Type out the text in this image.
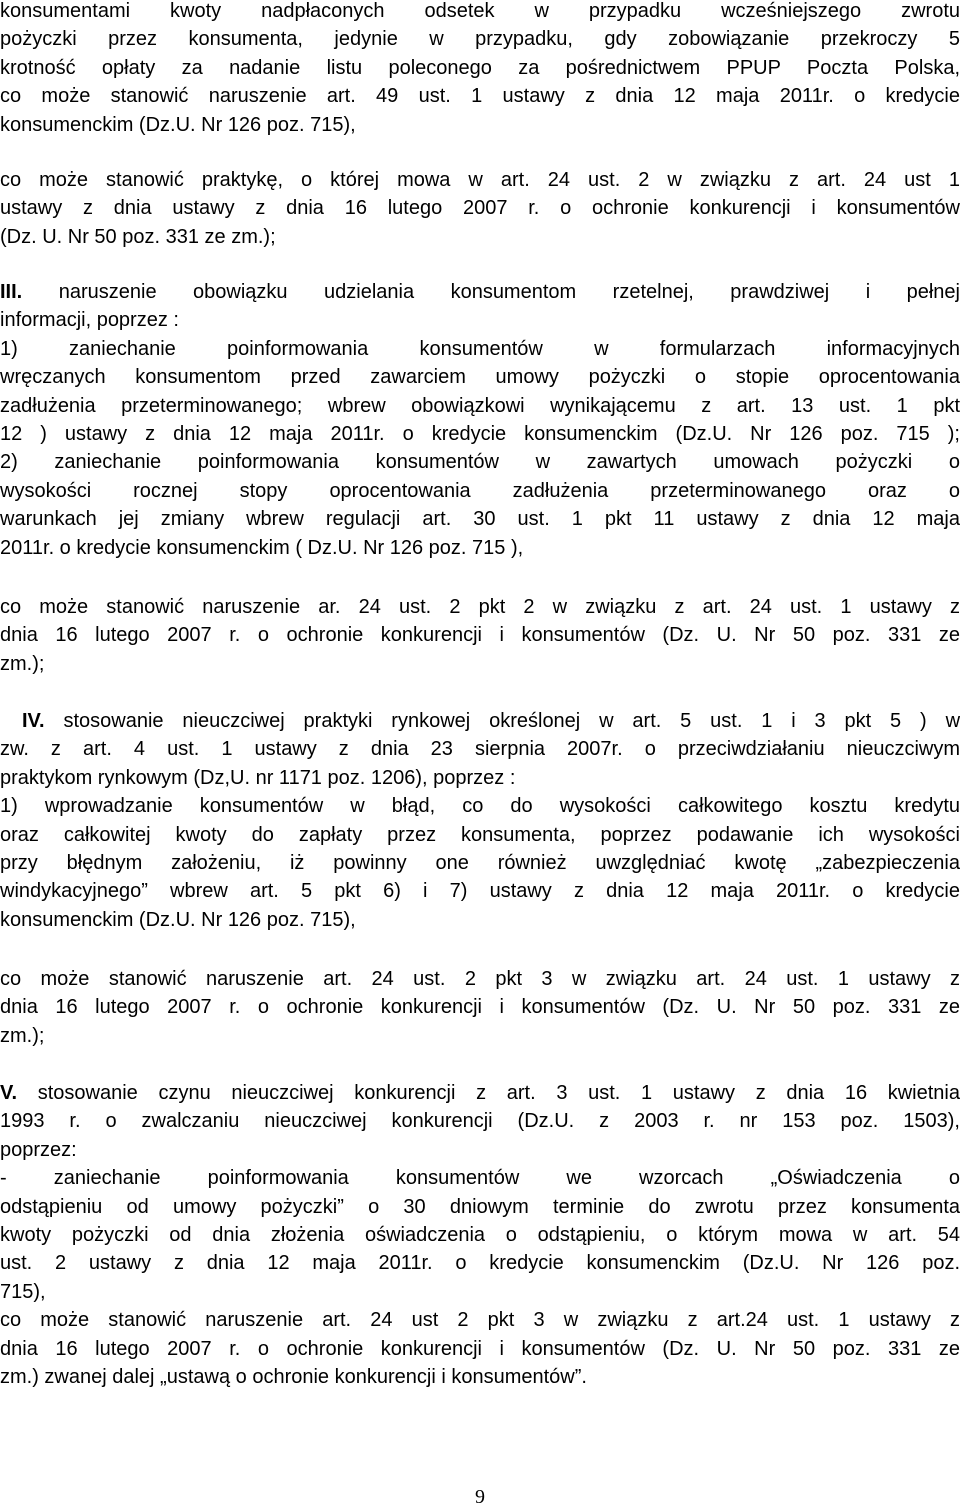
konsumentami kwoty nadpłaconych odsetek w przypadku wcześniejszego zwrotu
pożyczki przez konsumenta, jedynie w przypadku, gdy zobowiązanie przekroczy 5
krotność opłaty za nadanie listu poleconego za pośrednictwem PPUP Poczta Polska,
co może stanowić naruszenie art. 49 ust. 1 ustawy z dnia 12 maja 2011r. o kredycie
konsumenckim (Dz.U. Nr 126 poz. 715),
co może stanowić praktykę, o której mowa w art. 24 ust. 2 w związku z art. 24 ust 1
ustawy z dnia ustawy z dnia 16 lutego 2007 r. o ochronie konkurencji i konsumentów
(Dz. U. Nr 50 poz. 331 ze zm.);
III. naruszenie obowiązku udzielania konsumentom rzetelnej, prawdziwej i pełnej
informacji, poprzez :
1) zaniechanie poinformowania konsumentów w formularzach informacyjnych
wręczanych konsumentom przed zawarciem umowy pożyczki o stopie oprocentowania
zadłużenia przeterminowanego; wbrew obowiązkowi wynikającemu z art. 13 ust. 1 pkt
12 ) ustawy z dnia 12 maja 2011r. o kredycie konsumenckim (Dz.U. Nr 126 poz. 715 );
2) zaniechanie poinformowania konsumentów w zawartych umowach pożyczki o
wysokości rocznej stopy oprocentowania zadłużenia przeterminowanego oraz o
warunkach jej zmiany wbrew regulacji art. 30 ust. 1 pkt 11 ustawy z dnia 12 maja
2011r. o kredycie konsumenckim ( Dz.U. Nr 126 poz. 715 ),
co może stanowić naruszenie ar. 24 ust. 2 pkt 2 w związku z art. 24 ust. 1 ustawy z
dnia 16 lutego 2007 r. o ochronie konkurencji i konsumentów (Dz. U. Nr 50 poz. 331 ze
zm.);
IV. stosowanie nieuczciwej praktyki rynkowej określonej w art. 5 ust. 1 i 3 pkt 5 ) w
zw. z art. 4 ust. 1 ustawy z dnia 23 sierpnia 2007r. o przeciwdziałaniu nieuczciwym
praktykom rynkowym (Dz,U. nr 1171 poz. 1206), poprzez :
1) wprowadzanie konsumentów w błąd, co do wysokości całkowitego kosztu kredytu
oraz całkowitej kwoty do zapłaty przez konsumenta, poprzez podawanie ich wysokości
przy błędnym założeniu, iż powinny one również uwzględniać kwotę „zabezpieczenia
windykacyjnego” wbrew art. 5 pkt 6) i 7) ustawy z dnia 12 maja 2011r. o kredycie
konsumenckim (Dz.U. Nr 126 poz. 715),
co może stanowić naruszenie art. 24 ust. 2 pkt 3 w związku art. 24 ust. 1 ustawy z
dnia 16 lutego 2007 r. o ochronie konkurencji i konsumentów (Dz. U. Nr 50 poz. 331 ze
zm.);
V. stosowanie czynu nieuczciwej konkurencji z art. 3 ust. 1 ustawy z dnia 16 kwietnia
1993 r. o zwalczaniu nieuczciwej konkurencji (Dz.U. z 2003 r. nr 153 poz. 1503),
poprzez:
- zaniechanie poinformowania konsumentów we wzorcach „Oświadczenia o
odstąpieniu od umowy pożyczki” o 30 dniowym terminie do zwrotu przez konsumenta
kwoty pożyczki od dnia złożenia oświadczenia o odstąpieniu, o którym mowa w art. 54
ust. 2 ustawy z dnia 12 maja 2011r. o kredycie konsumenckim (Dz.U. Nr 126 poz.
715),
co może stanowić naruszenie art. 24 ust 2 pkt 3 w związku z art.24 ust. 1 ustawy z
dnia 16 lutego 2007 r. o ochronie konkurencji i konsumentów (Dz. U. Nr 50 poz. 331 ze
zm.) zwanej dalej „ustawą o ochronie konkurencji i konsumentów”.
9
